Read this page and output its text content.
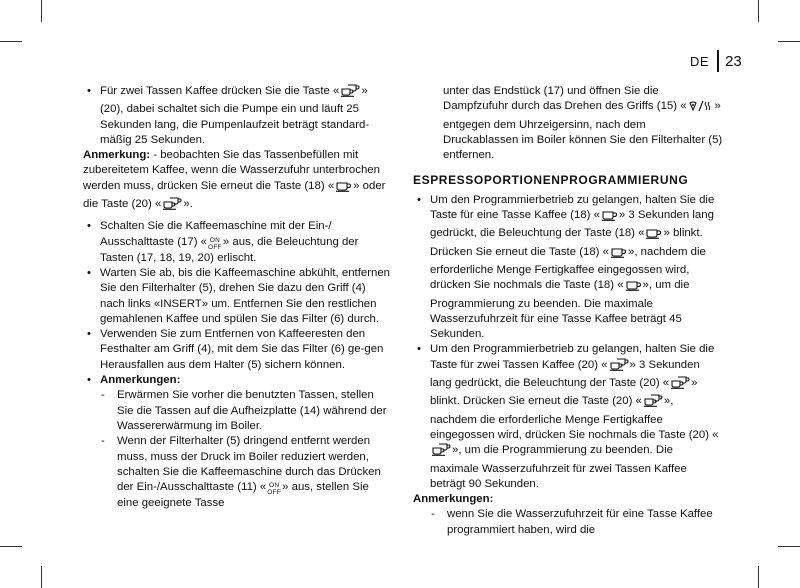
DE 23
• Für zwei Tassen Kaffee drücken Sie die Taste « » (20), dabei schaltet sich die Pumpe ein und läuft 25 Sekunden lang, die Pumpenlaufzeit beträgt standard-mäßig 25 Sekunden.
Anmerkung: - beobachten Sie das Tassenbefüllen mit zubereitetem Kaffee, wenn die Wasserzufuhr unterbrochen werden muss, drücken Sie erneut die Taste (18) « » oder die Taste (20) « ».
• Schalten Sie die Kaffeemaschine mit der Ein-/ Ausschalttaste (17) « ON
OFF» aus, die Beleuchtung der Tasten (17, 18, 19, 20) erlischt.
• Warten Sie ab, bis die Kaffeemaschine abkühlt, entfernen Sie den Filterhalter (5), drehen Sie dazu den Griff (4) nach links «INSERT» um. Entfernen Sie den restlichen gemahlenen Kaffee und spülen Sie das Filter (6) durch.
• Verwenden Sie zum Entfernen von Kaffeeresten den Festhalter am Griff (4), mit dem Sie das Filter (6) ge-gen Herausfallen aus dem Halter (5) sichern können.
• Anmerkungen:
- Erwärmen Sie vorher die benutzten Tassen, stellen Sie die Tassen auf die Aufheizplatte (14) während der Wassererwärmung im Boiler.
- Wenn der Filterhalter (5) dringend entfernt werden muss, muss der Druck im Boiler reduziert werden, schalten Sie die Kaffeemaschine durch das Drücken der Ein-/Ausschalttaste (11) « ON
OFF» aus, stellen Sie eine geeignete Tasse
unter das Endstück (17) und öffnen Sie die Dampfzufuhr durch das Drehen des Griffs (15) « » entgegen dem Uhrzeigersinn, nach dem Druckablassen im Boiler können Sie den Filterhalter (5) entfernen.
ESPRESSOPORTIONENPROGRAMMIERUNG
• Um den Programmierbetrieb zu gelangen, halten Sie die Taste für eine Tasse Kaffee (18) « » 3 Sekunden lang gedrückt, die Beleuchtung der Taste (18) « » blinkt. Drücken Sie erneut die Taste (18) « », nachdem die erforderliche Menge Fertigkaffee eingegossen wird, drücken Sie nochmals die Taste (18) « », um die Programmierung zu beenden. Die maximale Wasserzufuhrzeit für eine Tasse Kaffee beträgt 45 Sekunden.
• Um den Programmierbetrieb zu gelangen, halten Sie die Taste für zwei Tassen Kaffee (20) « » 3 Sekunden lang gedrückt, die Beleuchtung der Taste (20) « » blinkt. Drücken Sie erneut die Taste (20) « », nachdem die erforderliche Menge Fertigkaffee eingegossen wird, drücken Sie nochmals die Taste (20) «», um die Programmierung zu beenden. Die maximale Wasserzufuhrzeit für zwei Tassen Kaffee beträgt 90 Sekunden.
Anmerkungen:
- wenn Sie die Wasserzufuhrzeit für eine Tasse Kaffee programmiert haben, wird die
